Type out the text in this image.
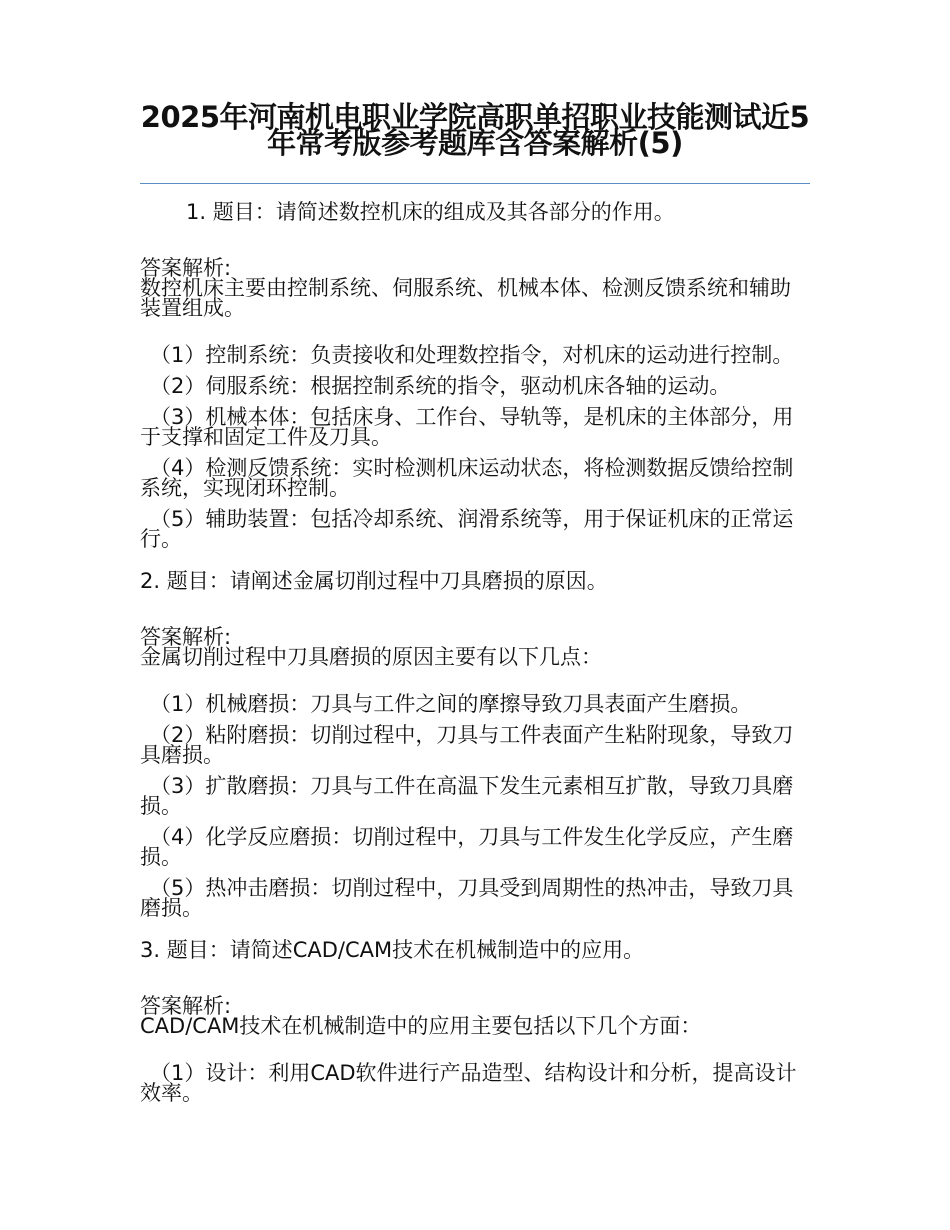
2025年河南机电职业学院高职单招职业技能测试近5年常考版参考题库含答案解析(5)

1. 题目：请简述数控机床的组成及其各部分的作用。

答案解析:

数控机床主要由控制系统、伺服系统、机械本体、检测反馈系统和辅助装置组成。

（1）控制系统：负责接收和处理数控指令，对机床的运动进行控制。

（2）伺服系统：根据控制系统的指令，驱动机床各轴的运动。

（3）机械本体：包括床身、工作台、导轨等，是机床的主体部分，用于支撑和固定工件及刀具。

（4）检测反馈系统：实时检测机床运动状态，将检测数据反馈给控制系统，实现闭环控制。

（5）辅助装置：包括冷却系统、润滑系统等，用于保证机床的正常运行。

2. 题目：请阐述金属切削过程中刀具磨损的原因。

答案解析:

金属切削过程中刀具磨损的原因主要有以下几点：

（1）机械磨损：刀具与工件之间的摩擦导致刀具表面产生磨损。

（2）粘附磨损：切削过程中，刀具与工件表面产生粘附现象，导致刀具磨损。

（3）扩散磨损：刀具与工件在高温下发生元素相互扩散，导致刀具磨损。

（4）化学反应磨损：切削过程中，刀具与工件发生化学反应，产生磨损。

（5）热冲击磨损：切削过程中，刀具受到周期性的热冲击，导致刀具磨损。

3. 题目：请简述CAD/CAM技术在机械制造中的应用。

答案解析:

CAD/CAM技术在机械制造中的应用主要包括以下几个方面：

（1）设计：利用CAD软件进行产品造型、结构设计和分析，提高设计效率。
